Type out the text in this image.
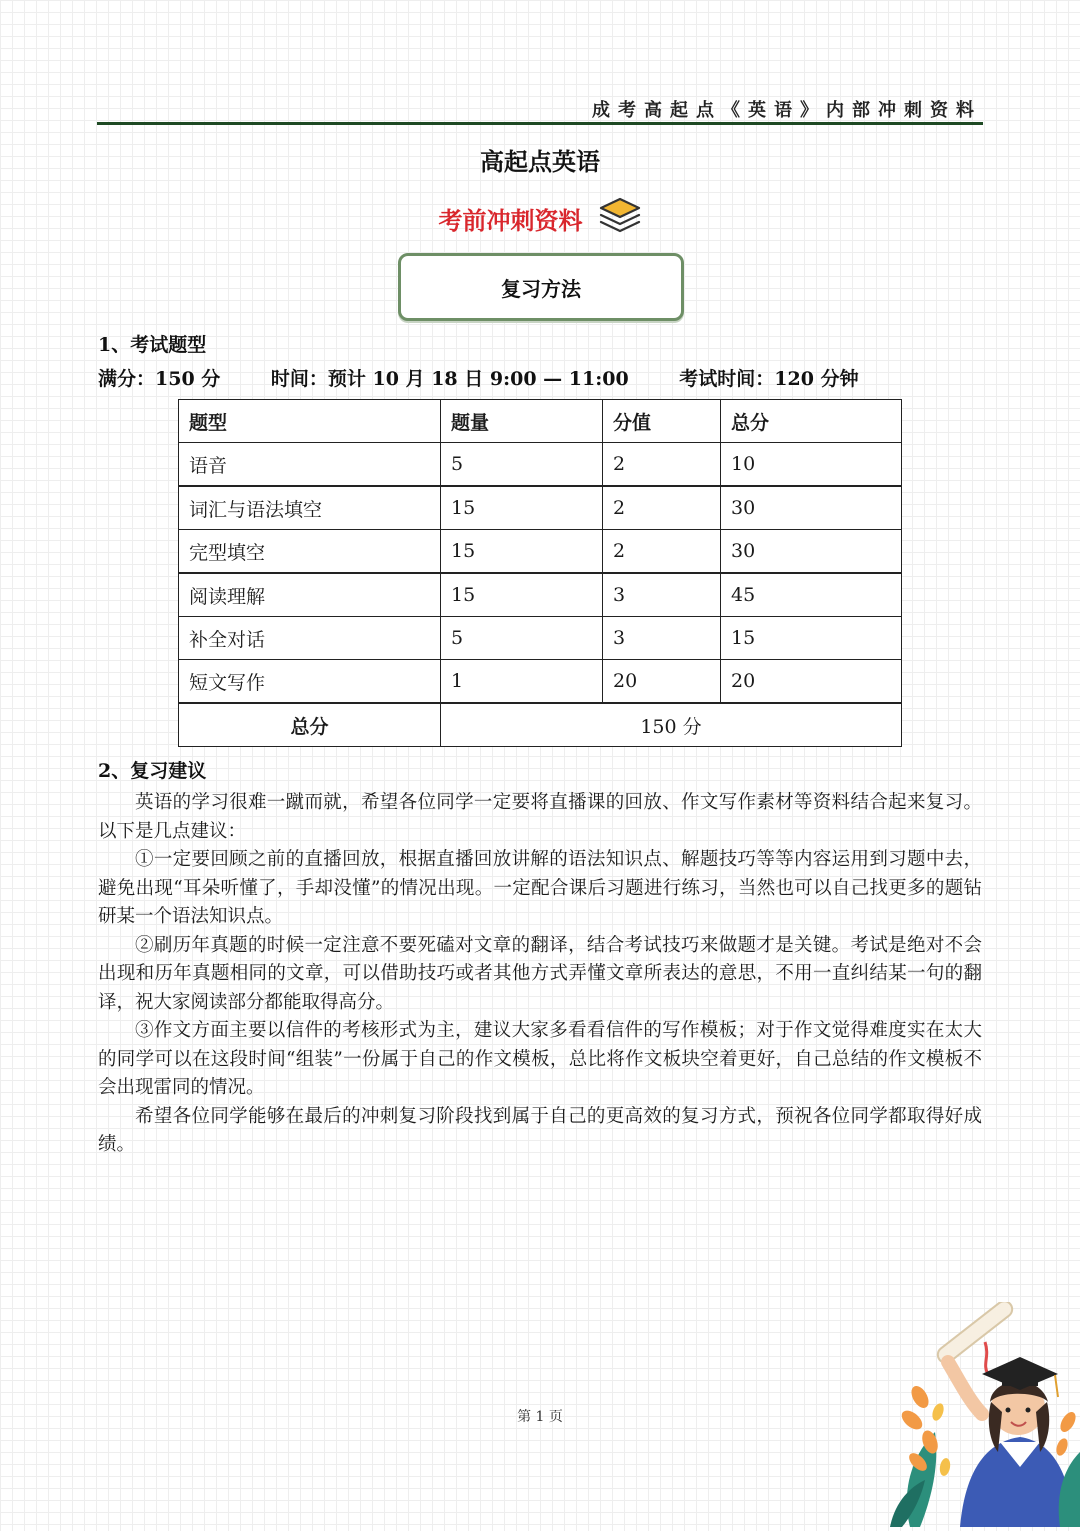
成考高起点《英语》内部冲刺资料
高起点英语
考前冲刺资料
复习方法
1、考试题型
满分：150 分	时间：预计 10 月 18 日 9:00 — 11:00	考试时间：120 分钟
题型	题量	分值	总分
语音	5	2	10
词汇与语法填空	15	2	30
完型填空	15	2	30
阅读理解	15	3	45
补全对话	5	3	15
短文写作	1	20	20
总分	150 分		
2、复习建议

英语的学习很难一蹴而就，希望各位同学一定要将直播课的回放、作文写作素材等资料结合起来复习。以下是几点建议：

①一定要回顾之前的直播回放，根据直播回放讲解的语法知识点、解题技巧等等内容运用到习题中去，避免出现“耳朵听懂了，手却没懂”的情况出现。一定配合课后习题进行练习，当然也可以自己找更多的题钻研某一个语法知识点。

②刷历年真题的时候一定注意不要死磕对文章的翻译，结合考试技巧来做题才是关键。考试是绝对不会出现和历年真题相同的文章，可以借助技巧或者其他方式弄懂文章所表达的意思，不用一直纠结某一句的翻译，祝大家阅读部分都能取得高分。

③作文方面主要以信件的考核形式为主，建议大家多看看信件的写作模板；对于作文觉得难度实在太大的同学可以在这段时间“组装”一份属于自己的作文模板，总比将作文板块空着更好，自己总结的作文模板不会出现雷同的情况。

希望各位同学能够在最后的冲刺复习阶段找到属于自己的更高效的复习方式，预祝各位同学都取得好成绩。

第 1 页
